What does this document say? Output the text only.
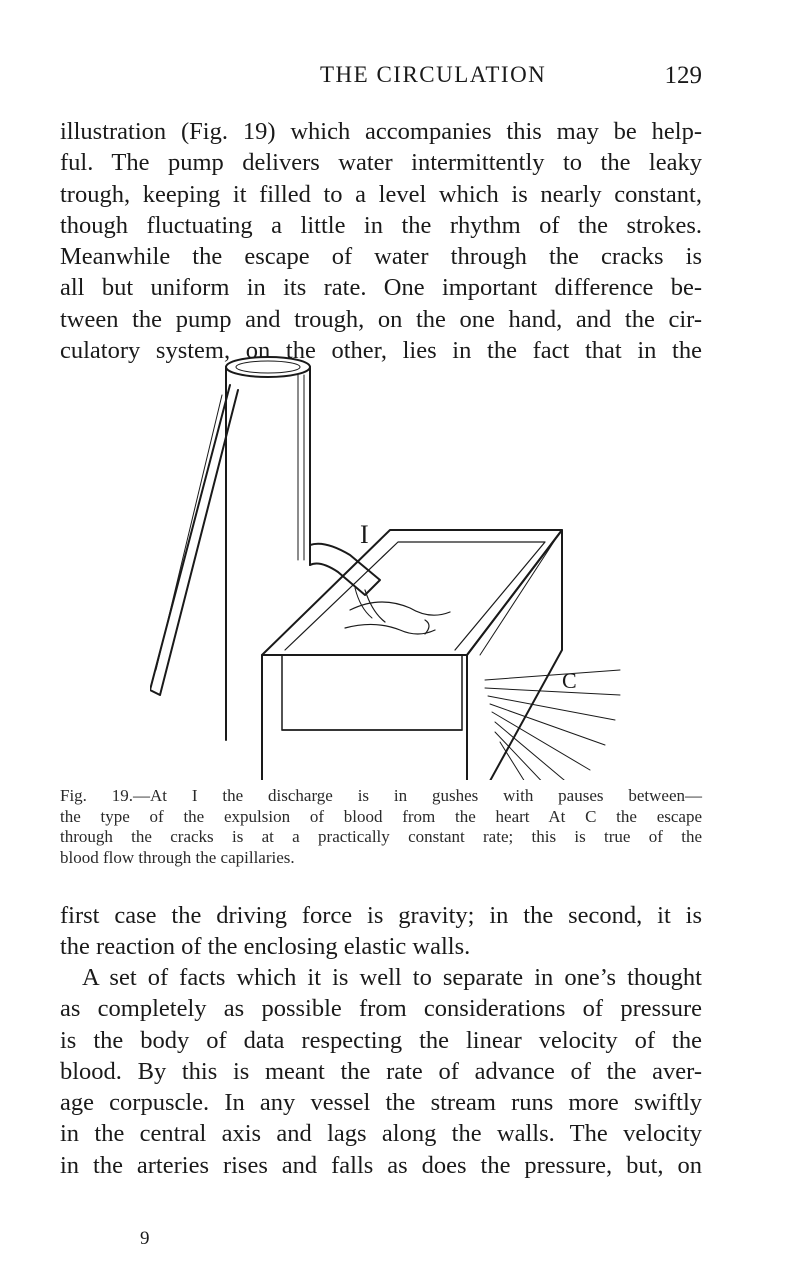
THE CIRCULATION	129
illustration (Fig. 19) which accompanies this may be help-
ful. The pump delivers water intermittently to the leaky
trough, keeping it filled to a level which is nearly constant,
though fluctuating a little in the rhythm of the strokes.
Meanwhile the escape of water through the cracks is
all but uniform in its rate. One important difference be-
tween the pump and trough, on the one hand, and the cir-
culatory system, on the other, lies in the fact that in the
I
C
Fig. 19.—At I the discharge is in gushes with pauses between—
the type of the expulsion of blood from the heart At C the escape
through the cracks is at a practically constant rate; this is true of the
blood flow through the capillaries.
first case the driving force is gravity; in the second, it is
the reaction of the enclosing elastic walls.
A set of facts which it is well to separate in one’s thought
as completely as possible from considerations of pressure
is the body of data respecting the linear velocity of the
blood. By this is meant the rate of advance of the aver-
age corpuscle. In any vessel the stream runs more swiftly
in the central axis and lags along the walls. The velocity
in the arteries rises and falls as does the pressure, but, on
9
